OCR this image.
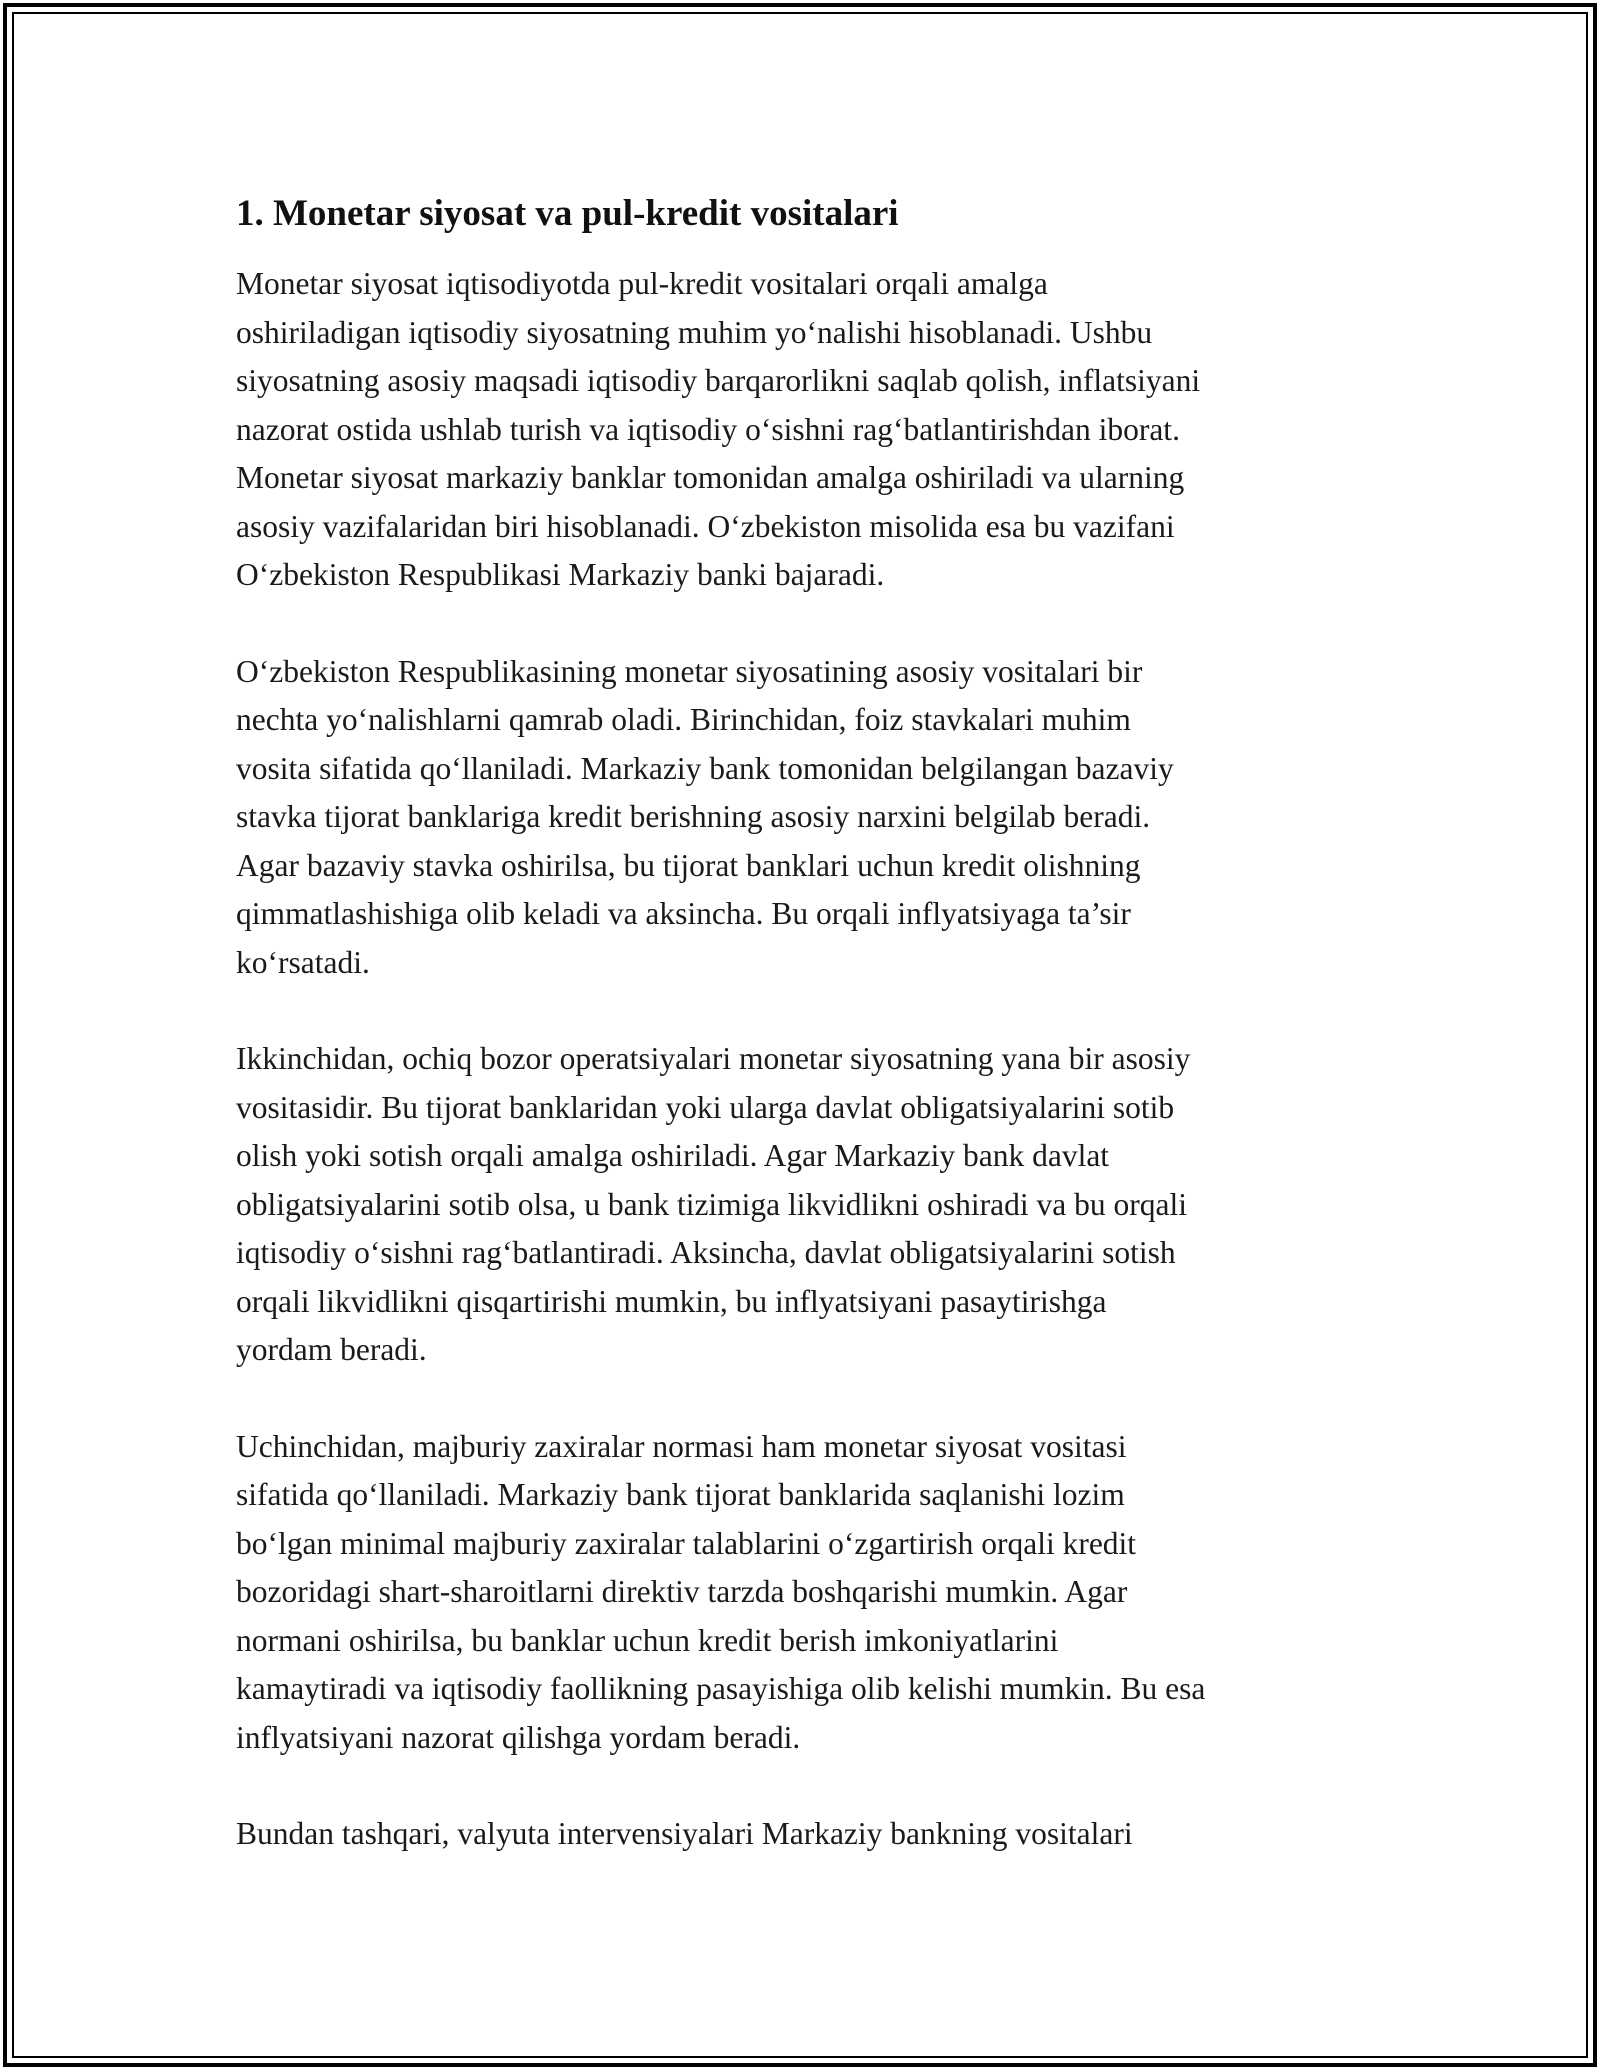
1. Monetar siyosat va pul-kredit vositalari

Monetar siyosat iqtisodiyotda pul-kredit vositalari orqali amalga
oshiriladigan iqtisodiy siyosatning muhim yo‘nalishi hisoblanadi. Ushbu
siyosatning asosiy maqsadi iqtisodiy barqarorlikni saqlab qolish, inflatsiyani
nazorat ostida ushlab turish va iqtisodiy o‘sishni rag‘batlantirishdan iborat.
Monetar siyosat markaziy banklar tomonidan amalga oshiriladi va ularning
asosiy vazifalaridan biri hisoblanadi. O‘zbekiston misolida esa bu vazifani
O‘zbekiston Respublikasi Markaziy banki bajaradi.

O‘zbekiston Respublikasining monetar siyosatining asosiy vositalari bir
nechta yo‘nalishlarni qamrab oladi. Birinchidan, foiz stavkalari muhim
vosita sifatida qo‘llaniladi. Markaziy bank tomonidan belgilangan bazaviy
stavka tijorat banklariga kredit berishning asosiy narxini belgilab beradi.
Agar bazaviy stavka oshirilsa, bu tijorat banklari uchun kredit olishning
qimmatlashishiga olib keladi va aksincha. Bu orqali inflyatsiyaga ta’sir
ko‘rsatadi.

Ikkinchidan, ochiq bozor operatsiyalari monetar siyosatning yana bir asosiy
vositasidir. Bu tijorat banklaridan yoki ularga davlat obligatsiyalarini sotib
olish yoki sotish orqali amalga oshiriladi. Agar Markaziy bank davlat
obligatsiyalarini sotib olsa, u bank tizimiga likvidlikni oshiradi va bu orqali
iqtisodiy o‘sishni rag‘batlantiradi. Aksincha, davlat obligatsiyalarini sotish
orqali likvidlikni qisqartirishi mumkin, bu inflyatsiyani pasaytirishga
yordam beradi.

Uchinchidan, majburiy zaxiralar normasi ham monetar siyosat vositasi
sifatida qo‘llaniladi. Markaziy bank tijorat banklarida saqlanishi lozim
bo‘lgan minimal majburiy zaxiralar talablarini o‘zgartirish orqali kredit
bozoridagi shart-sharoitlarni direktiv tarzda boshqarishi mumkin. Agar
normani oshirilsa, bu banklar uchun kredit berish imkoniyatlarini
kamaytiradi va iqtisodiy faollikning pasayishiga olib kelishi mumkin. Bu esa
inflyatsiyani nazorat qilishga yordam beradi.

Bundan tashqari, valyuta intervensiyalari Markaziy bankning vositalari
